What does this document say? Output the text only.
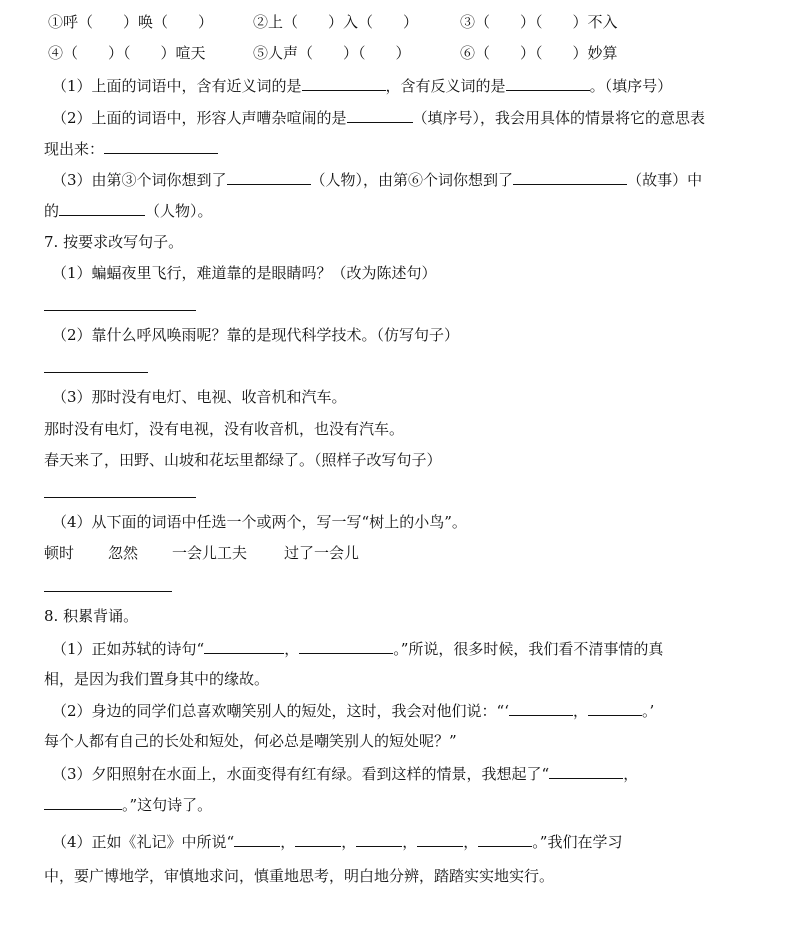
①呼（　　）唤（　　）	②上（　　）入（　　）	③（　　）（　　）不入
④（　　）（　　）喧天	⑤人声（　　）（　　）	⑥（　　）（　　）妙算
（1）上面的词语中，含有近义词的是	，含有反义词的是	。（填序号）
（2）上面的词语中，形容人声嘈杂喧闹的是	（填序号），我会用具体的情景将它的意思表
现出来：
（3）由第③个词你想到了	（人物），由第⑥个词你想到了	（故事）中
的	（人物）。
7. 按要求改写句子。
（1）蝙蝠夜里飞行，难道靠的是眼睛吗？（改为陈述句）
（2）靠什么呼风唤雨呢？靠的是现代科学技术。（仿写句子）
（3）那时没有电灯、电视、收音机和汽车。
那时没有电灯，没有电视，没有收音机，也没有汽车。
春天来了，田野、山坡和花坛里都绿了。（照样子改写句子）
（4）从下面的词语中任选一个或两个，写一写“树上的小鸟”。
顿时 忽然 一会儿工夫 过了一会儿
8. 积累背诵。
（1）正如苏轼的诗句“	，	。”所说，很多时候，我们看不清事情的真
相，是因为我们置身其中的缘故。
（2）身边的同学们总喜欢嘲笑别人的短处，这时，我会对他们说：“‘	，	。’
每个人都有自己的长处和短处，何必总是嘲笑别人的短处呢？”
（3）夕阳照射在水面上，水面变得有红有绿。看到这样的情景，我想起了“	，
。”这句诗了。
（4）正如《礼记》中所说“	，	，	，	，	。”我们在学习
中，要广博地学，审慎地求问，慎重地思考，明白地分辨，踏踏实实地实行。
